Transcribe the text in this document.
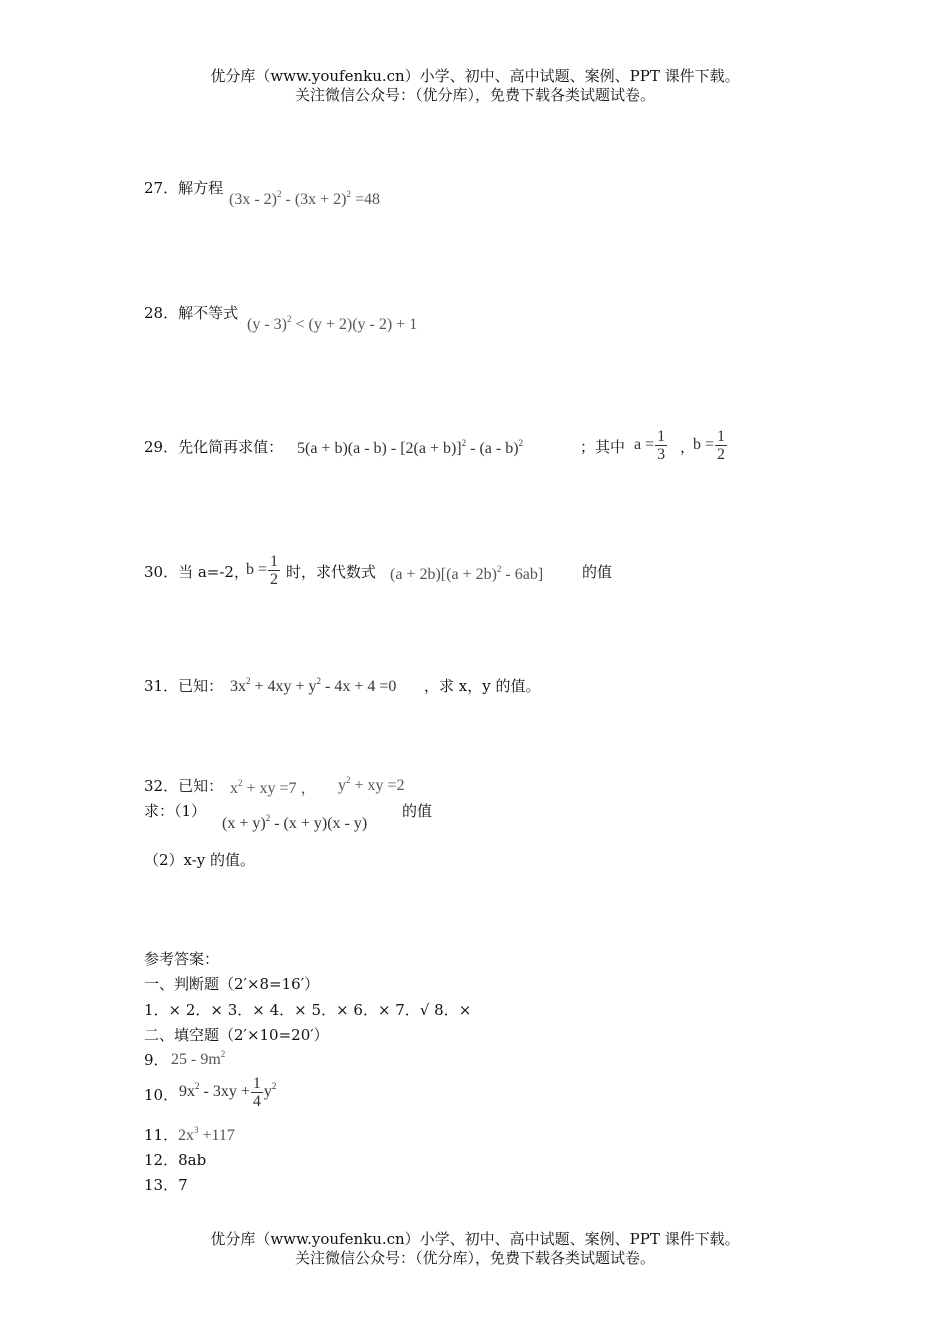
优分库（www.youfenku.cn）小学、初中、高中试题、案例、PPT 课件下载。
关注微信公众号：（优分库），免费下载各类试题试卷。
27．解方程
$(3x - 2)^2 - (3x + 2)^2 =48$
28．解不等式
(y - 3)$^2$ < (y + 2)(y - 2) + 1
29．先化简再求值： $5(a + b)(a - b) - [2(a + b)]^2 - (a - b)^2$	；其中 $a = \frac{1}{3}$ ，
$b = \frac{1}{2}$
30．当 a=-2，
$b = \frac{1}{2}$ 时，求代数式 $(a + 2b)[(a + 2b)^2 - 6ab]$	的值
31．已知： $3x^2 + 4xy + y^2 - 4x + 4 =0$ ，求 x，y 的值。
32．已知： $x^2$ + xy =7 ， $y^2$ + xy =2
求：（1）
$(x + y)^2 - (x + y)(x - y)$
的值
（2）x-y 的值。
参考答案：
一、判断题（2′×8=16′）
1．× 2．× 3．× 4．× 5．× 6．× 7．√ 8．×
二、填空题（2′×10=20′）
9． $25 - 9m^2$
10． $9x^2 - 3xy + \frac{1}{4} y^2$
11． $2x^3 +117$
12．8ab
13．7
优分库（www.youfenku.cn）小学、初中、高中试题、案例、PPT 课件下载。
关注微信公众号：（优分库），免费下载各类试题试卷。
